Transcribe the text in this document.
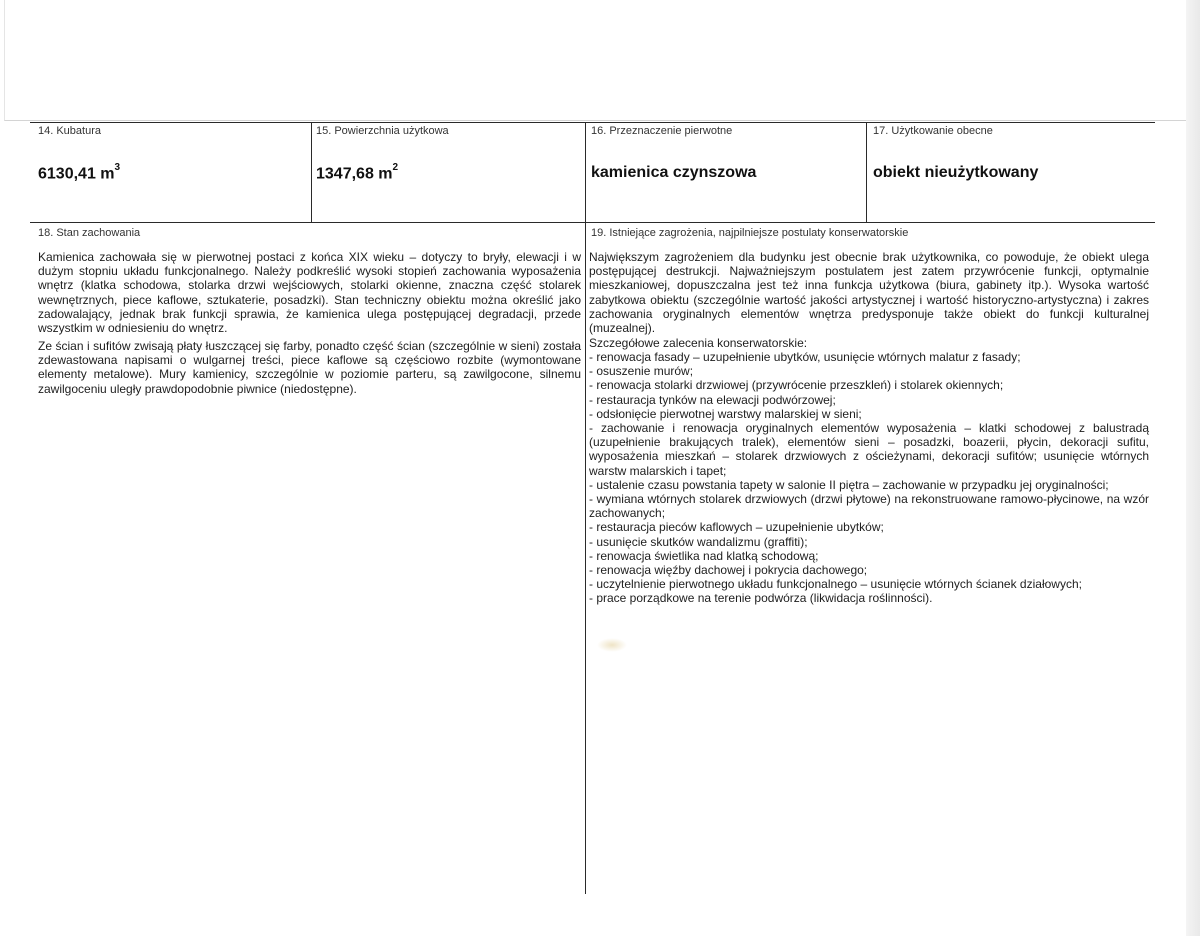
14. Kubatura
6130,41 $m^3$
15. Powierzchnia użytkowa
1347,68 $m^2$
16. Przeznaczenie pierwotne
kamienica czynszowa
17. Użytkowanie obecne
obiekt nieużytkowany
18. Stan zachowania

Kamienica zachowała się w pierwotnej postaci z końca XIX wieku – dotyczy to bryły, elewacji i w dużym stopniu układu funkcjonalnego. Należy podkreślić wysoki stopień zachowania wyposażenia wnętrz (klatka schodowa, stolarka drzwi wejściowych, stolarki okienne, znaczna część stolarek wewnętrznych, piece kaflowe, sztukaterie, posadzki). Stan techniczny obiektu można określić jako zadowalający, jednak brak funkcji sprawia, że kamienica ulega postępującej degradacji, przede wszystkim w odniesieniu do wnętrz.

Ze ścian i sufitów zwisają płaty łuszczącej się farby, ponadto część ścian (szczególnie w sieni) została zdewastowana napisami o wulgarnej treści, piece kaflowe są częściowo rozbite (wymontowane elementy metalowe). Mury kamienicy, szczególnie w poziomie parteru, są zawilgocone, silnemu zawilgoceniu uległy prawdopodobnie piwnice (niedostępne).

19. Istniejące zagrożenia, najpilniejsze postulaty konserwatorskie

Największym zagrożeniem dla budynku jest obecnie brak użytkownika, co powoduje, że obiekt ulega postępującej destrukcji. Najważniejszym postulatem jest zatem przywrócenie funkcji, optymalnie mieszkaniowej, dopuszczalna jest też inna funkcja użytkowa (biura, gabinety itp.). Wysoka wartość zabytkowa obiektu (szczególnie wartość jakości artystycznej i wartość historyczno-artystyczna) i zakres zachowania oryginalnych elementów wnętrza predysponuje także obiekt do funkcji kulturalnej (muzealnej).

Szczegółowe zalecenia konserwatorskie:

- renowacja fasady – uzupełnienie ubytków, usunięcie wtórnych malatur z fasady;
- osuszenie murów;
- renowacja stolarki drzwiowej (przywrócenie przeszkleń) i stolarek okiennych;
- restauracja tynków na elewacji podwórzowej;
- odsłonięcie pierwotnej warstwy malarskiej w sieni;
- zachowanie i renowacja oryginalnych elementów wyposażenia – klatki schodowej z balustradą (uzupełnienie brakujących tralek), elementów sieni – posadzki, boazerii, płycin, dekoracji sufitu, wyposażenia mieszkań – stolarek drzwiowych z ościeżynami, dekoracji sufitów; usunięcie wtórnych warstw malarskich i tapet;
- ustalenie czasu powstania tapety w salonie II piętra – zachowanie w przypadku jej oryginalności;
- wymiana wtórnych stolarek drzwiowych (drzwi płytowe) na rekonstruowane ramowo-płycinowe, na wzór zachowanych;
- restauracja pieców kaflowych – uzupełnienie ubytków;
- usunięcie skutków wandalizmu (graffiti);
- renowacja świetlika nad klatką schodową;
- renowacja więźby dachowej i pokrycia dachowego;
- uczytelnienie pierwotnego układu funkcjonalnego – usunięcie wtórnych ścianek działowych;
- prace porządkowe na terenie podwórza (likwidacja roślinności).
